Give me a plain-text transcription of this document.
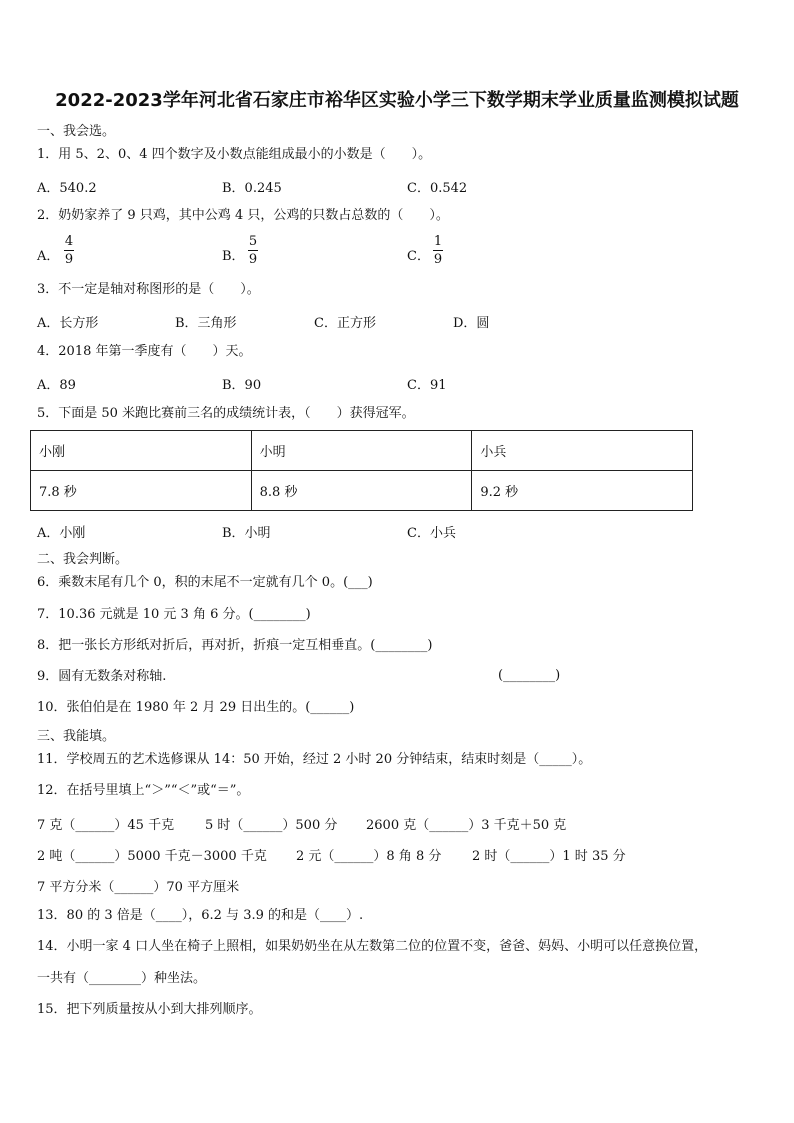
2022-2023学年河北省石家庄市裕华区实验小学三下数学期末学业质量监测模拟试题
一、我会选。
1．用 5、2、0、4 四个数字及小数点能组成最小的小数是（　　）。
A．540.2	B．0.245	C．0.542
2．奶奶家养了 9 只鸡，其中公鸡 4 只，公鸡的只数占总数的（　　）。
A．
4
9	B．
5
9	C．
1
9
3．不一定是轴对称图形的是（　　）。
A．长方形	B．三角形	C．正方形	D．圆
4．2018 年第一季度有（　　）天。
A．89	B．90	C．91
5．下面是 50 米跑比赛前三名的成绩统计表，（　　）获得冠军。
小刚	小明	小兵
7.8 秒	8.8 秒	9.2 秒
A．小刚	B．小明	C．小兵
二、我会判断。
6．乘数末尾有几个 0，积的末尾不一定就有几个 0。(___)
7．10.36 元就是 10 元 3 角 6 分。(________)
8．把一张长方形纸对折后，再对折，折痕一定互相垂直。(________)
9．圆有无数条对称轴.	(________)
10．张伯伯是在 1980 年 2 月 29 日出生的。(______)
三、我能填。
11．学校周五的艺术选修课从 14：50 开始，经过 2 小时 20 分钟结束，结束时刻是（_____）。
12．在括号里填上“＞”“＜”或“＝”。
7 克（______）45 千克 5 时（______）500 分 2600 克（______）3 千克＋50 克
2 吨（______）5000 千克－3000 千克 2 元（______）8 角 8 分 2 时（______）1 时 35 分
7 平方分米（______）70 平方厘米
13．80 的 3 倍是（____），6.2 与 3.9 的和是（____）.
14．小明一家 4 口人坐在椅子上照相，如果奶奶坐在从左数第二位的位置不变，爸爸、妈妈、小明可以任意换位置，
一共有（________）种坐法。
15．把下列质量按从小到大排列顺序。
